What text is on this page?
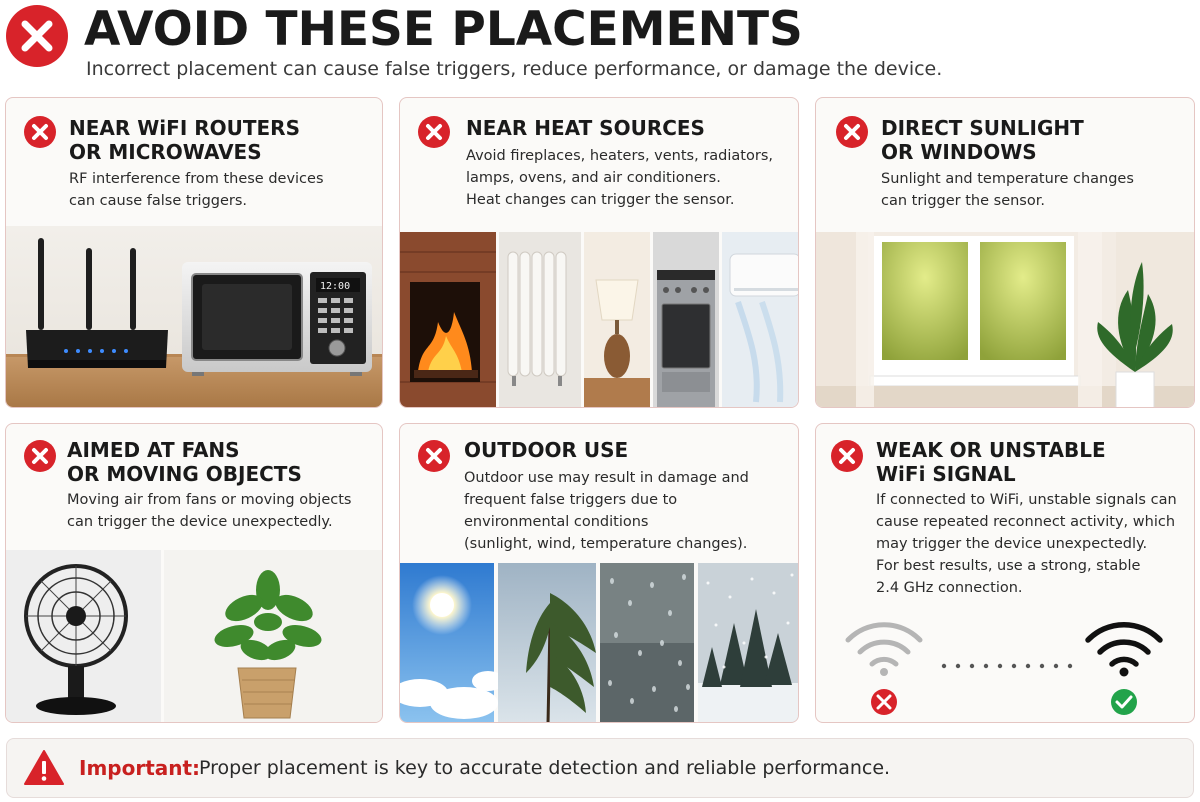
AVOID THESE PLACEMENTS
Incorrect placement can cause false triggers, reduce performance, or damage the device.
NEAR WiFI ROUTERS
OR MICROWAVES
RF interference from these devices
can cause false triggers.
12:00
NEAR HEAT SOURCES
Avoid fireplaces, heaters, vents, radiators,
lamps, ovens, and air conditioners.
Heat changes can trigger the sensor.
DIRECT SUNLIGHT
OR WINDOWS
Sunlight and temperature changes
can trigger the sensor.
AIMED AT FANS
OR MOVING OBJECTS
Moving air from fans or moving objects
can trigger the device unexpectedly.
OUTDOOR USE
Outdoor use may result in damage and
frequent false triggers due to
environmental conditions
(sunlight, wind, temperature changes).
WEAK OR UNSTABLE
WiFi SIGNAL
If connected to WiFi, unstable signals can
cause repeated reconnect activity, which
may trigger the device unexpectedly.
For best results, use a strong, stable
2.4 GHz connection.
Important:
Proper placement is key to accurate detection and reliable performance.
